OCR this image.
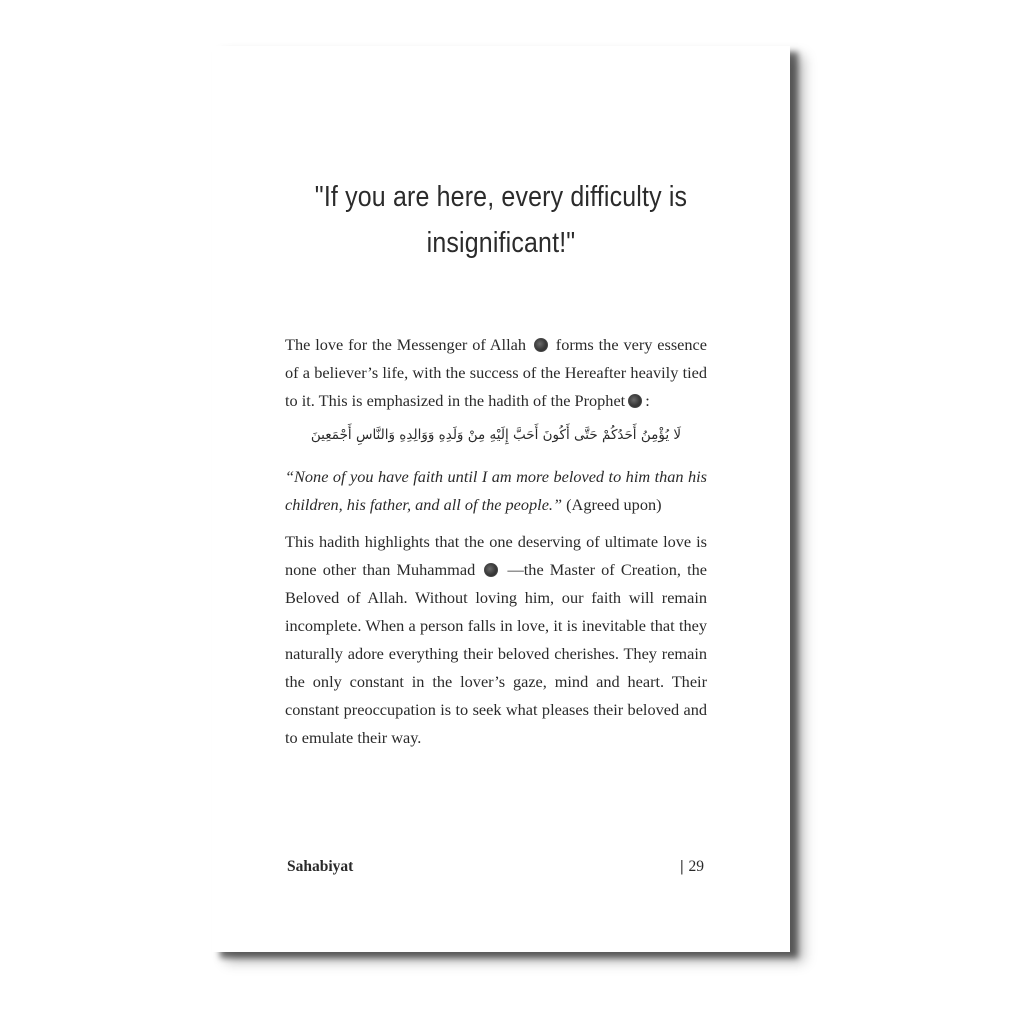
"If you are here, every difficulty is insignificant!"

The love for the Messenger of Allah forms the very essence of a believer’s life, with the success of the Hereafter heavily tied to it. This is emphasized in the hadith of the Prophet :

لَا يُؤْمِنُ أَحَدُكُمْ حَتَّى أَكُونَ أَحَبَّ إِلَيْهِ مِنْ وَلَدِهِ وَوَالِدِهِ وَالنَّاسِ أَجْمَعِينَ

“None of you have faith until I am more beloved to him than his children, his father, and all of the people.” (Agreed upon)

This hadith highlights that the one deserving of ultimate love is none other than Muhammad —the Master of Creation, the Beloved of Allah. Without loving him, our faith will remain incomplete. When a person falls in love, it is inevitable that they naturally adore everything their beloved cherishes. They remain the only constant in the lover’s gaze, mind and heart. Their constant preoccupation is to seek what pleases their beloved and to emulate their way.

Sahabiyat	| 29
